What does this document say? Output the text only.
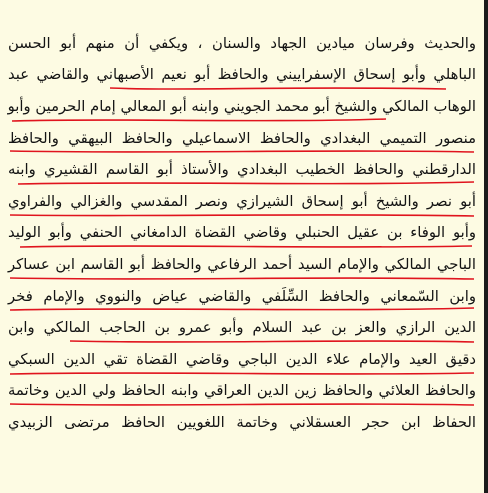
والحديث وفرسان ميادين الجهاد والسنان ، ويكفي أن منهم أبو الحسن
الباهلي وأبو إسحاق الإسفراييني والحافظ أبو نعيم الأصبهاني والقاضي عبد
الوهاب المالكي والشيخ أبو محمد الجويني وابنه أبو المعالي إمام الحرمين وأبو
منصور التميمي البغدادي والحافظ الاسماعيلي والحافظ البيهقي والحافظ
الدارقطني والحافظ الخطيب البغدادي والأستاذ أبو القاسم القشيري وابنه
أبو نصر والشيخ أبو إسحاق الشيرازي ونصر المقدسي والغزالي والفراوي
وأبو الوفاء بن عقيل الحنبلي وقاضي القضاة الدامغاني الحنفي وأبو الوليد
الباجي المالكي والإمام السيد أحمد الرفاعي والحافظ أبو القاسم ابن عساكر
وابن السّمعاني والحافظ السِّلَفي والقاضي عياض والنووي والإمام فخر
الدين الرازي والعز بن عبد السلام وأبو عمرو بن الحاجب المالكي وابن
دقيق العيد والإمام علاء الدين الباجي وقاضي القضاة تقي الدين السبكي
والحافظ العلائي والحافظ زين الدين العراقي وابنه الحافظ ولي الدين وخاتمة
الحفاظ ابن حجر العسقلاني وخاتمة اللغويين الحافظ مرتضى الزبيدي
